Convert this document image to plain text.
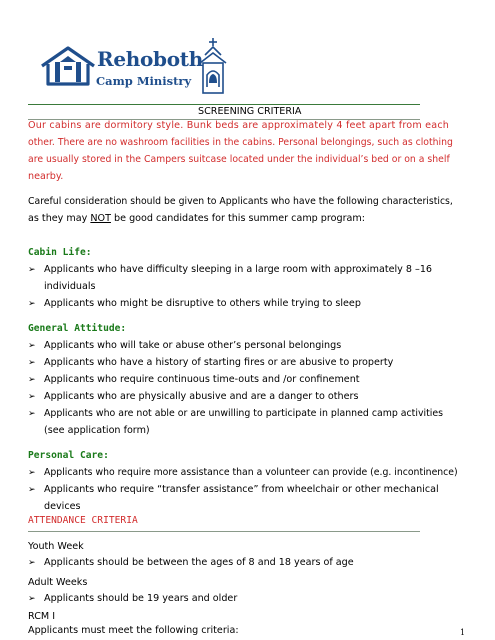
Rehoboth
Camp Ministry
SCREENING CRITERIA
Our cabins are dormitory style. Bunk beds are approximately 4 feet apart from each
other. There are no washroom facilities in the cabins. Personal belongings, such as clothing
are usually stored in the Campers suitcase located under the individual’s bed or on a shelf
nearby.
Careful consideration should be given to Applicants who have the following characteristics,
as they may NOT be good candidates for this summer camp program:
Cabin Life:
➢ Applicants who have difficulty sleeping in a large room with approximately 8 –16
individuals
➢ Applicants who might be disruptive to others while trying to sleep
General Attitude:
➢ Applicants who will take or abuse other’s personal belongings
➢ Applicants who have a history of starting fires or are abusive to property
➢ Applicants who require continuous time-outs and /or confinement
➢ Applicants who are physically abusive and are a danger to others
➢ Applicants who are not able or are unwilling to participate in planned camp activities
(see application form)
Personal Care:
➢ Applicants who require more assistance than a volunteer can provide (e.g. incontinence)
➢ Applicants who require “transfer assistance” from wheelchair or other mechanical
devices
ATTENDANCE CRITERIA
Youth Week
➢ Applicants should be between the ages of 8 and 18 years of age
Adult Weeks
➢ Applicants should be 19 years and older
RCM I
Applicants must meet the following criteria:	1
